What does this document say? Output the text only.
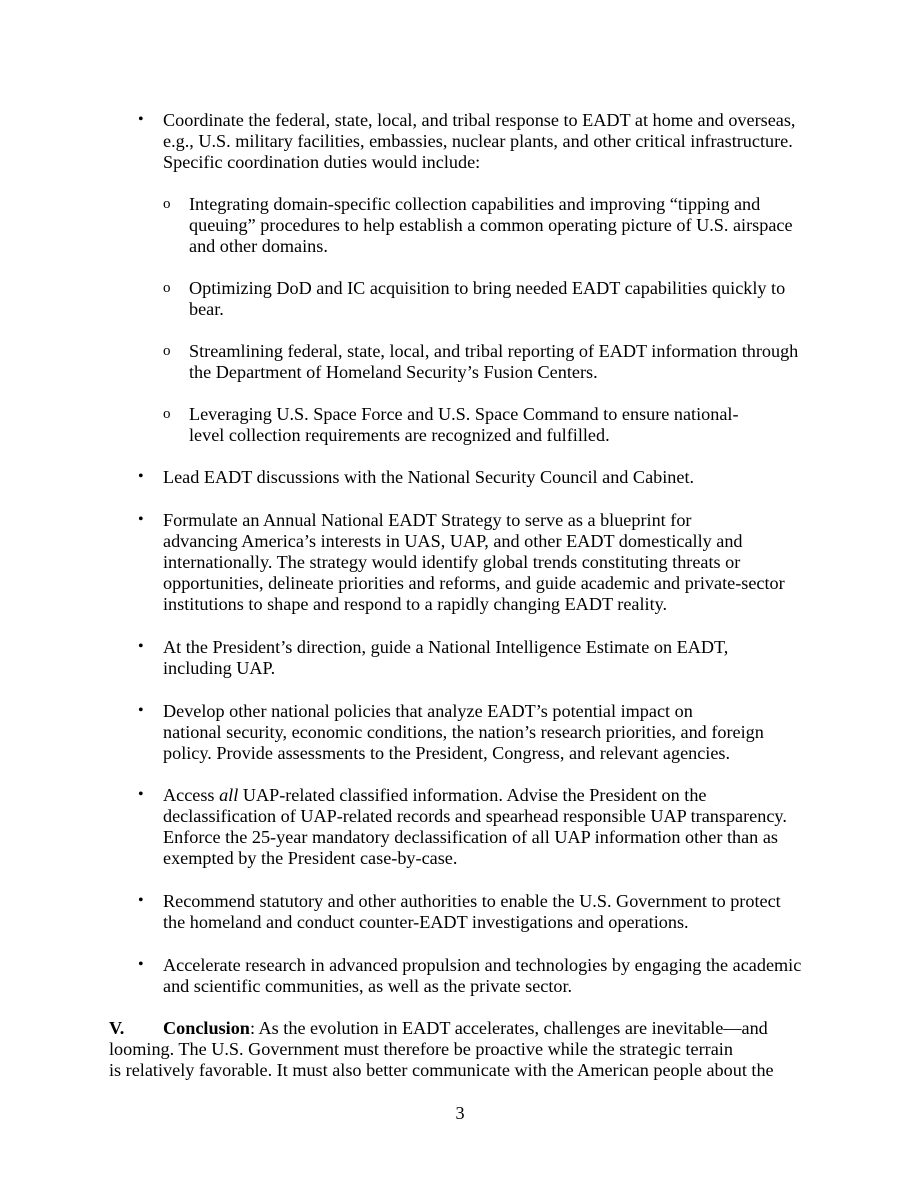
• Coordinate the federal, state, local, and tribal response to EADT at home and overseas,
e.g., U.S. military facilities, embassies, nuclear plants, and other critical infrastructure.
Specific coordination duties would include:
o Integrating domain-specific collection capabilities and improving “tipping and
queuing” procedures to help establish a common operating picture of U.S. airspace
and other domains.
o Optimizing DoD and IC acquisition to bring needed EADT capabilities quickly to
bear.
o Streamlining federal, state, local, and tribal reporting of EADT information through
the Department of Homeland Security’s Fusion Centers.
o Leveraging U.S. Space Force and U.S. Space Command to ensure national-
level collection requirements are recognized and fulfilled.
• Lead EADT discussions with the National Security Council and Cabinet.
• Formulate an Annual National EADT Strategy to serve as a blueprint for
advancing America’s interests in UAS, UAP, and other EADT domestically and
internationally. The strategy would identify global trends constituting threats or
opportunities, delineate priorities and reforms, and guide academic and private-sector
institutions to shape and respond to a rapidly changing EADT reality.
• At the President’s direction, guide a National Intelligence Estimate on EADT,
including UAP.
• Develop other national policies that analyze EADT’s potential impact on
national security, economic conditions, the nation’s research priorities, and foreign
policy. Provide assessments to the President, Congress, and relevant agencies.
• Access all UAP-related classified information. Advise the President on the
declassification of UAP-related records and spearhead responsible UAP transparency.
Enforce the 25-year mandatory declassification of all UAP information other than as
exempted by the President case-by-case.
• Recommend statutory and other authorities to enable the U.S. Government to protect
the homeland and conduct counter-EADT investigations and operations.
• Accelerate research in advanced propulsion and technologies by engaging the academic
and scientific communities, as well as the private sector.
V. Conclusion: As the evolution in EADT accelerates, challenges are inevitable—and
looming. The U.S. Government must therefore be proactive while the strategic terrain
is relatively favorable. It must also better communicate with the American people about the
3
